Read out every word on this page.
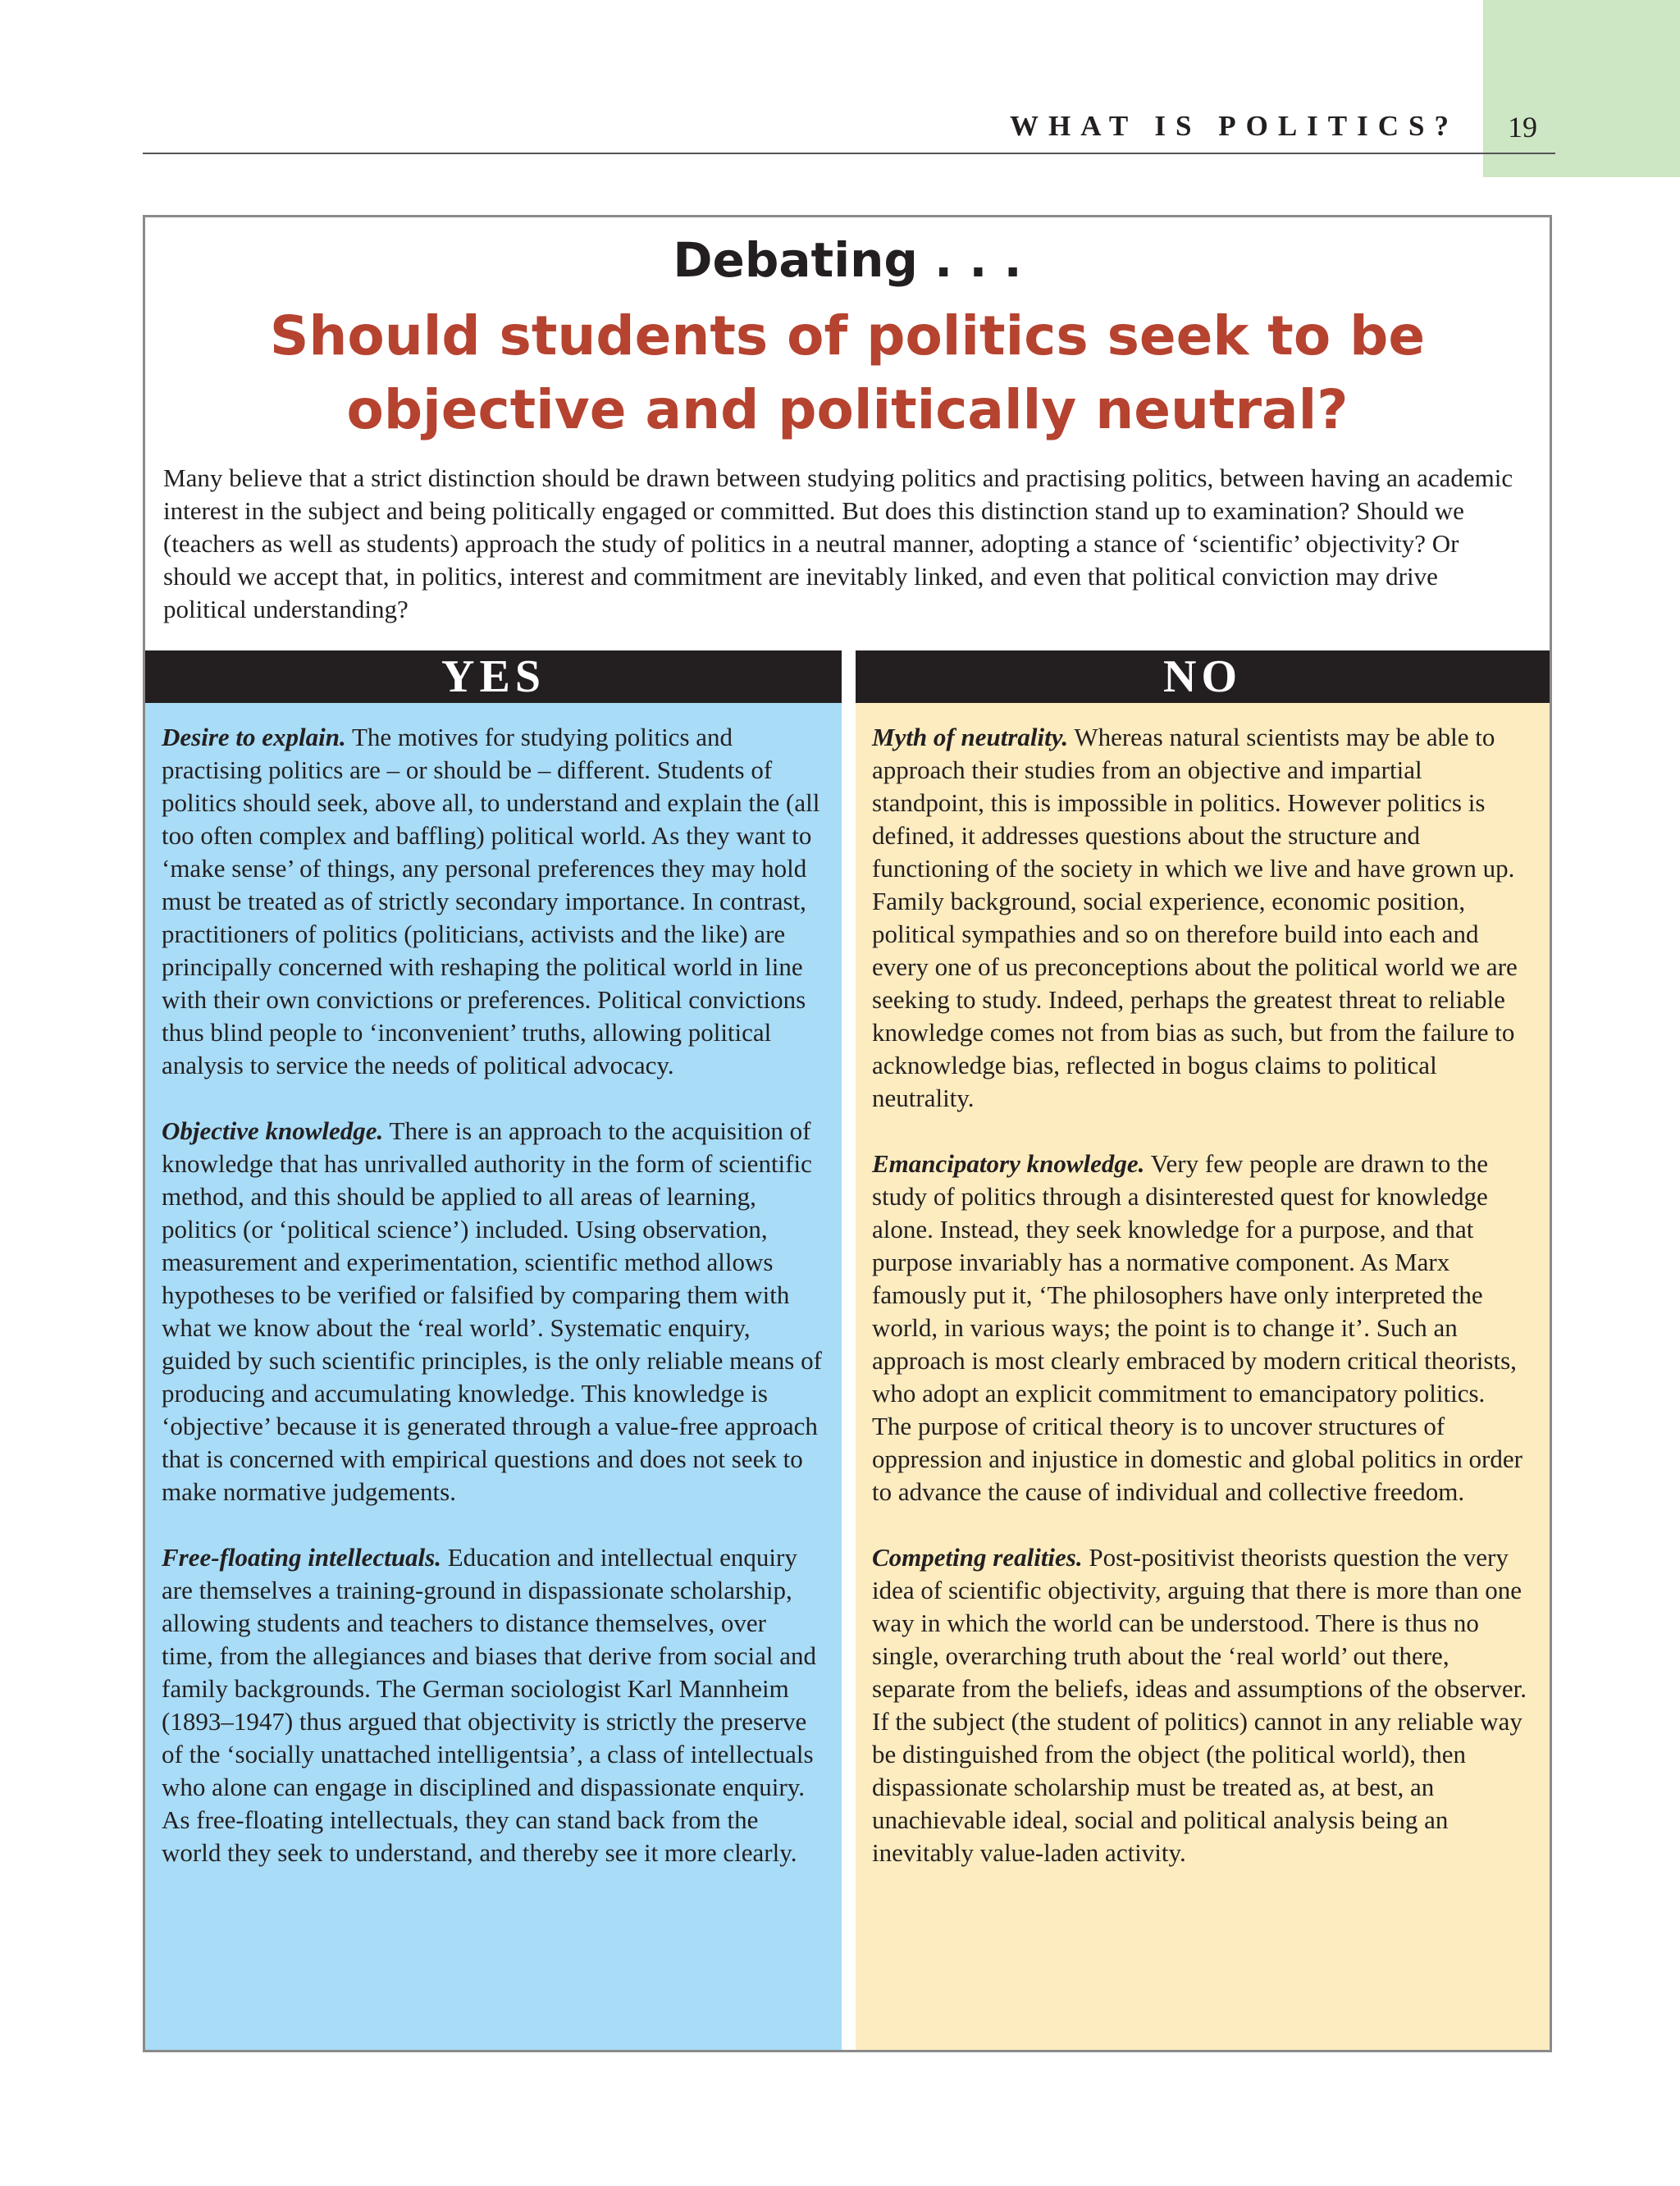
WHAT IS POLITICS? 19
Debating . . .
Should students of politics seek to be objective and politically neutral?
Many believe that a strict distinction should be drawn between studying politics and practising politics, between having an academic interest in the subject and being politically engaged or committed. But does this distinction stand up to examination? Should we (teachers as well as students) approach the study of politics in a neutral manner, adopting a stance of ‘scientific’ objectivity? Or should we accept that, in politics, interest and commitment are inevitably linked, and even that political conviction may drive political understanding?
YES	NO

Desire to explain. The motives for studying politics and practising politics are – or should be – different. Students of politics should seek, above all, to understand and explain the (all too often complex and baffling) political world. As they want to ‘make sense’ of things, any personal preferences they may hold must be treated as of strictly secondary importance. In contrast, practitioners of politics (politicians, activists and the like) are principally concerned with reshaping the political world in line with their own convictions or preferences. Political convictions thus blind people to ‘inconvenient’ truths, allowing political analysis to service the needs of political advocacy.

Objective knowledge. There is an approach to the acquisition of knowledge that has unrivalled authority in the form of scientific method, and this should be applied to all areas of learning, politics (or ‘political science’) included. Using observation, measurement and experimentation, scientific method allows hypotheses to be verified or falsified by comparing them with what we know about the ‘real world’. Systematic enquiry, guided by such scientific principles, is the only reliable means of producing and accumulating knowledge. This knowledge is ‘objective’ because it is generated through a value-free approach that is concerned with empirical questions and does not seek to make normative judgements.

Free-floating intellectuals. Education and intellectual enquiry are themselves a training-ground in dispassionate scholarship, allowing students and teachers to distance themselves, over time, from the allegiances and biases that derive from social and family backgrounds. The German sociologist Karl Mannheim (1893–1947) thus argued that objectivity is strictly the preserve of the ‘socially unattached intelligentsia’, a class of intellectuals who alone can engage in disciplined and dispassionate enquiry. As free-floating intellectuals, they can stand back from the world they seek to understand, and thereby see it more clearly.

Myth of neutrality. Whereas natural scientists may be able to approach their studies from an objective and impartial standpoint, this is impossible in politics. However politics is defined, it addresses questions about the structure and functioning of the society in which we live and have grown up. Family background, social experience, economic position, political sympathies and so on therefore build into each and every one of us preconceptions about the political world we are seeking to study. Indeed, perhaps the greatest threat to reliable knowledge comes not from bias as such, but from the failure to acknowledge bias, reflected in bogus claims to political neutrality.

Emancipatory knowledge. Very few people are drawn to the study of politics through a disinterested quest for knowledge alone. Instead, they seek knowledge for a purpose, and that purpose invariably has a normative component. As Marx famously put it, ‘The philosophers have only interpreted the world, in various ways; the point is to change it’. Such an approach is most clearly embraced by modern critical theorists, who adopt an explicit commitment to emancipatory politics. The purpose of critical theory is to uncover structures of oppression and injustice in domestic and global politics in order to advance the cause of individual and collective freedom.

Competing realities. Post-positivist theorists question the very idea of scientific objectivity, arguing that there is more than one way in which the world can be understood. There is thus no single, overarching truth about the ‘real world’ out there, separate from the beliefs, ideas and assumptions of the observer. If the subject (the student of politics) cannot in any reliable way be distinguished from the object (the political world), then dispassionate scholarship must be treated as, at best, an unachievable ideal, social and political analysis being an inevitably value-laden activity.
